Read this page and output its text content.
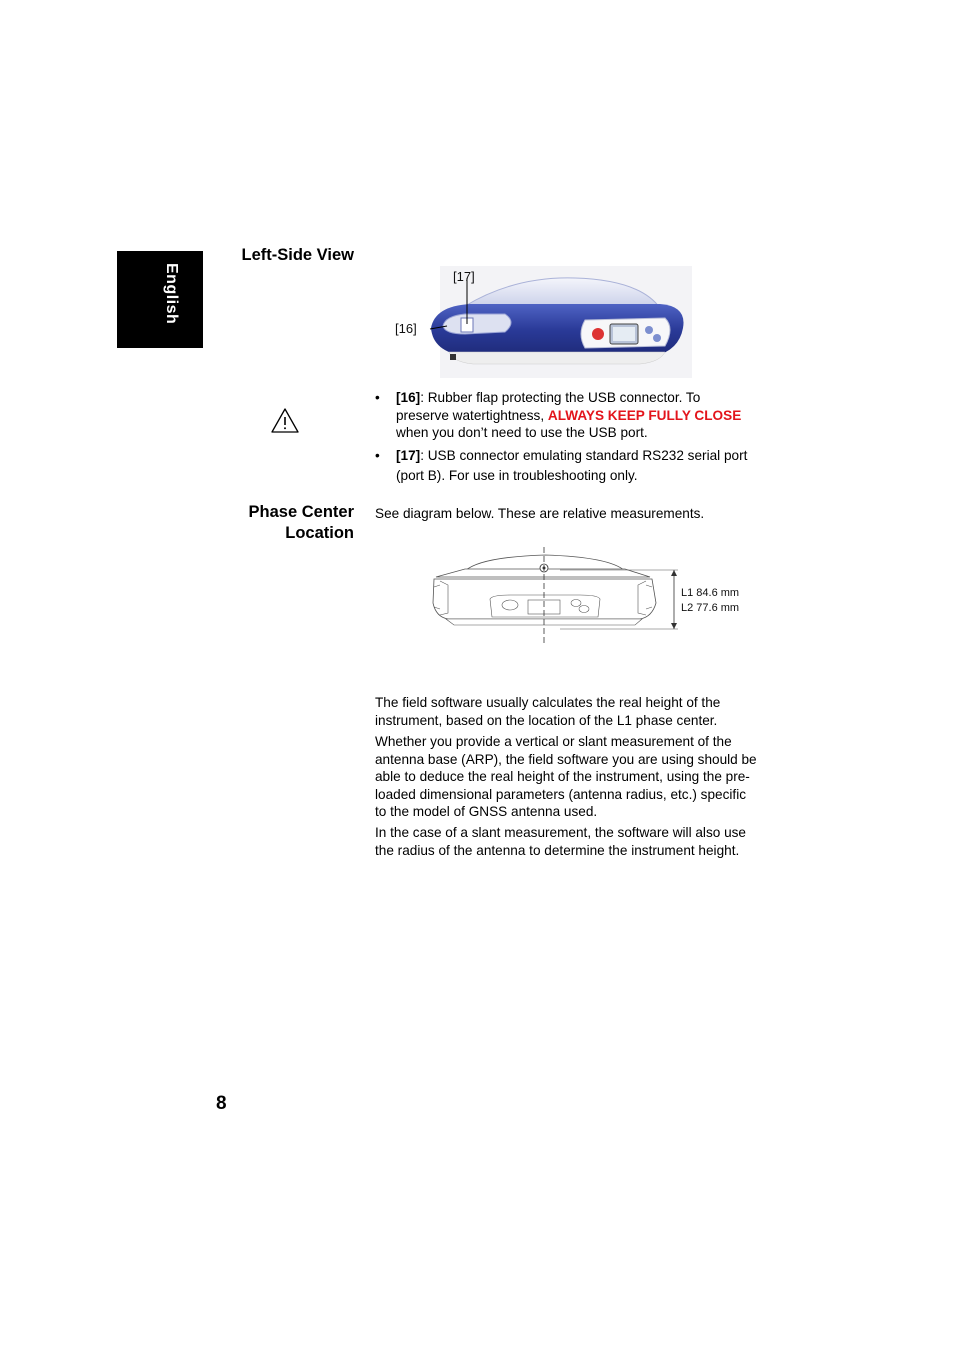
English
Left-Side View
[17]
[16]
• [16]: Rubber flap protecting the USB connector. To preserve watertightness, ALWAYS KEEP FULLY CLOSE when you don’t need to use the USB port.
• [17]: USB connector emulating standard RS232 serial port (port B). For use in troubleshooting only.
Phase Center
Location
See diagram below. These are relative measurements.
L1 84.6 mm
L2 77.6 mm
The field software usually calculates the real height of the instrument, based on the location of the L1 phase center.
Whether you provide a vertical or slant measurement of the antenna base (ARP), the field software you are using should be able to deduce the real height of the instrument, using the pre-loaded dimensional parameters (antenna radius, etc.) specific to the model of GNSS antenna used.
In the case of a slant measurement, the software will also use the radius of the antenna to determine the instrument height.
8
